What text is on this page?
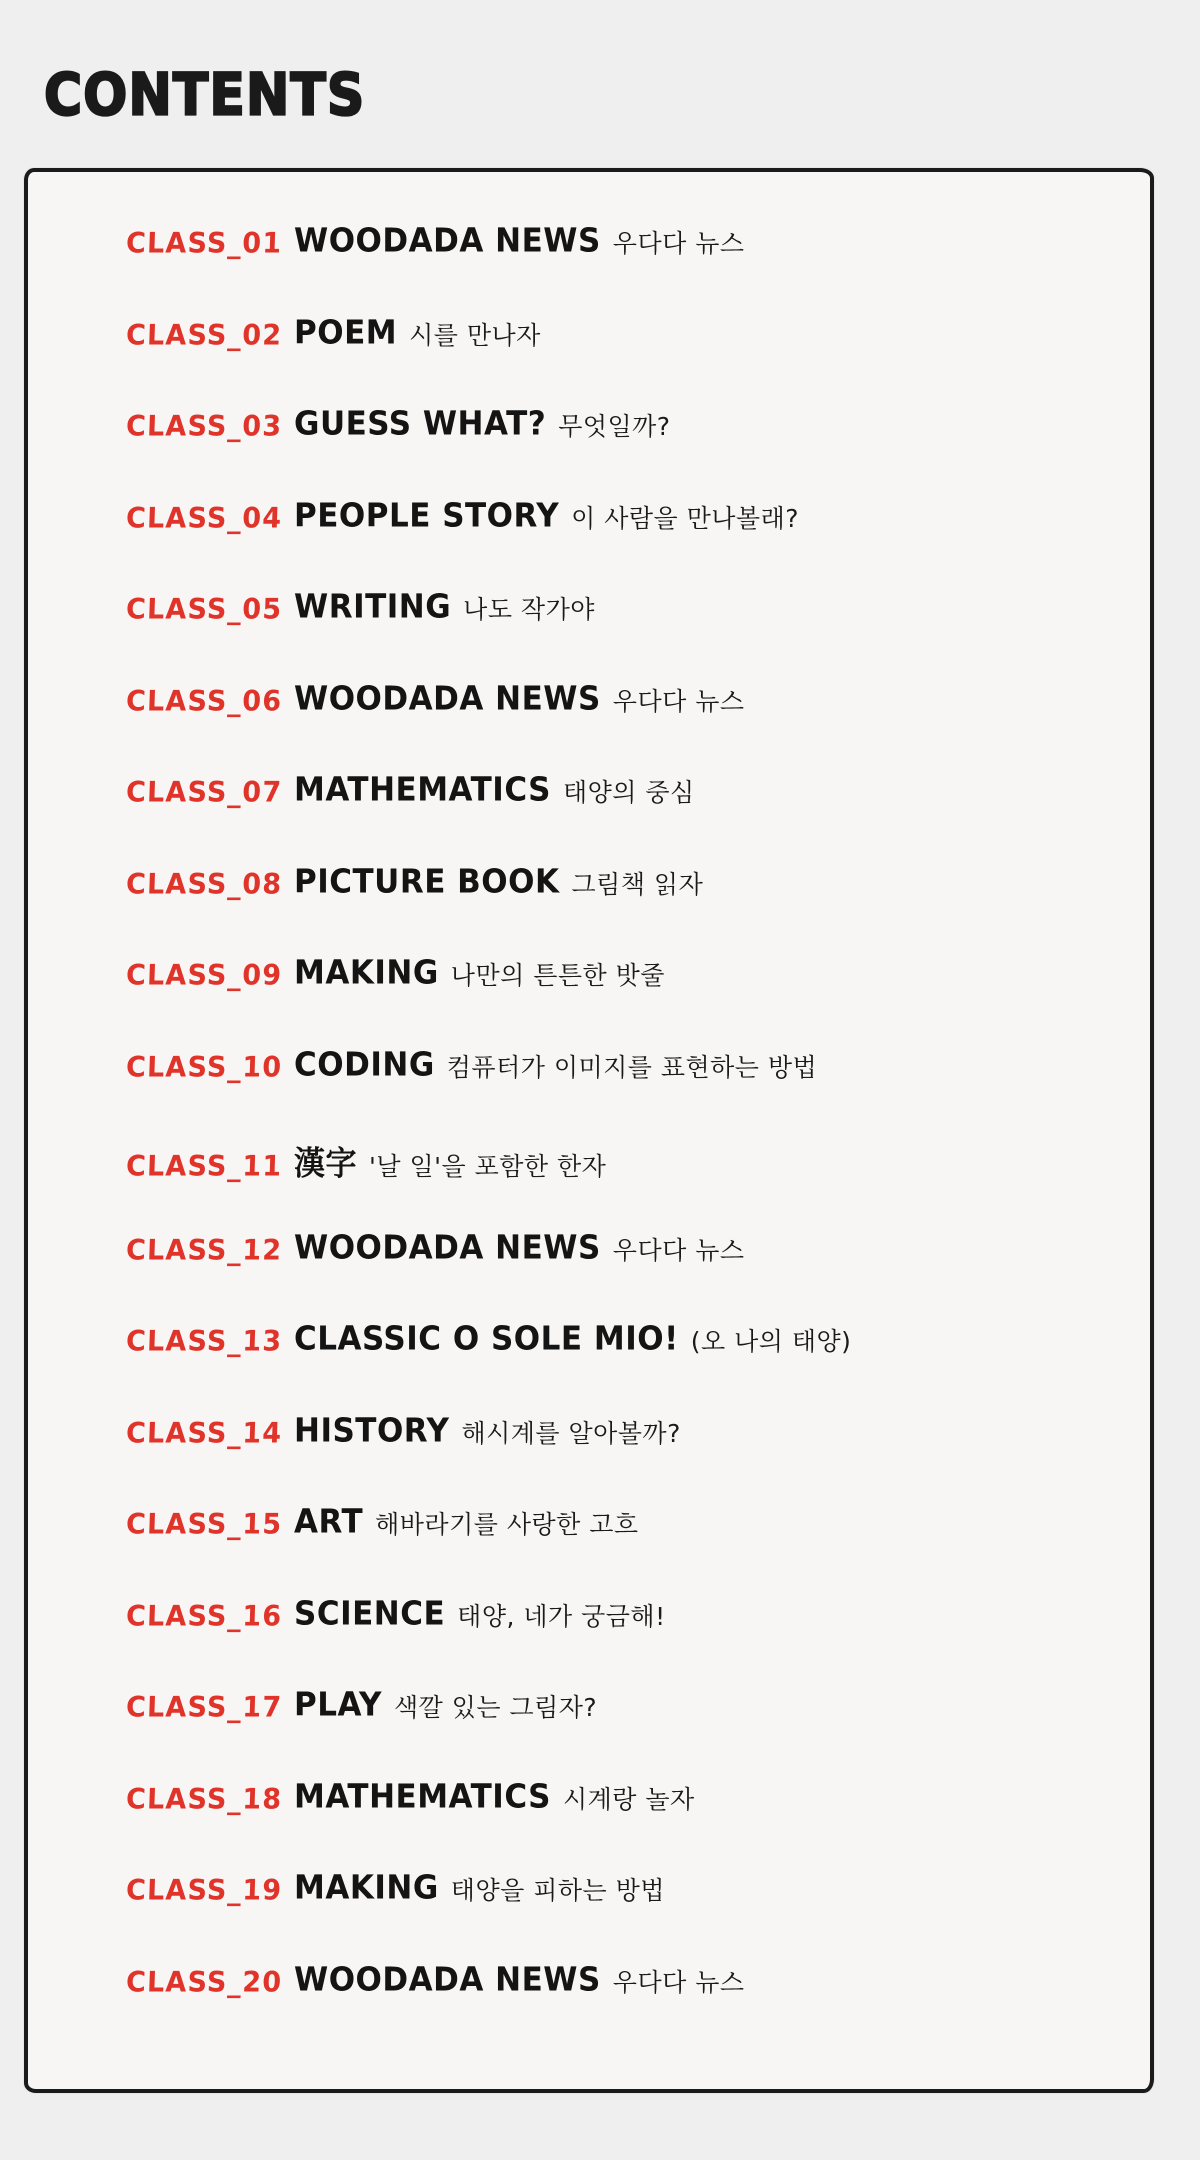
CONTENTS
CLASS_01 WOODADA NEWS 우다다 뉴스
CLASS_02 POEM 시를 만나자
CLASS_03 GUESS WHAT? 무엇일까?
CLASS_04 PEOPLE STORY 이 사람을 만나볼래?
CLASS_05 WRITING 나도 작가야
CLASS_06 WOODADA NEWS 우다다 뉴스
CLASS_07 MATHEMATICS 태양의 중심
CLASS_08 PICTURE BOOK 그림책 읽자
CLASS_09 MAKING 나만의 튼튼한 밧줄
CLASS_10 CODING 컴퓨터가 이미지를 표현하는 방법
CLASS_11 漢字 '날 일'을 포함한 한자
CLASS_12 WOODADA NEWS 우다다 뉴스
CLASS_13 CLASSIC O SOLE MIO! (오 나의 태양)
CLASS_14 HISTORY 해시계를 알아볼까?
CLASS_15 ART 해바라기를 사랑한 고흐
CLASS_16 SCIENCE 태양, 네가 궁금해!
CLASS_17 PLAY 색깔 있는 그림자?
CLASS_18 MATHEMATICS 시계랑 놀자
CLASS_19 MAKING 태양을 피하는 방법
CLASS_20 WOODADA NEWS 우다다 뉴스
